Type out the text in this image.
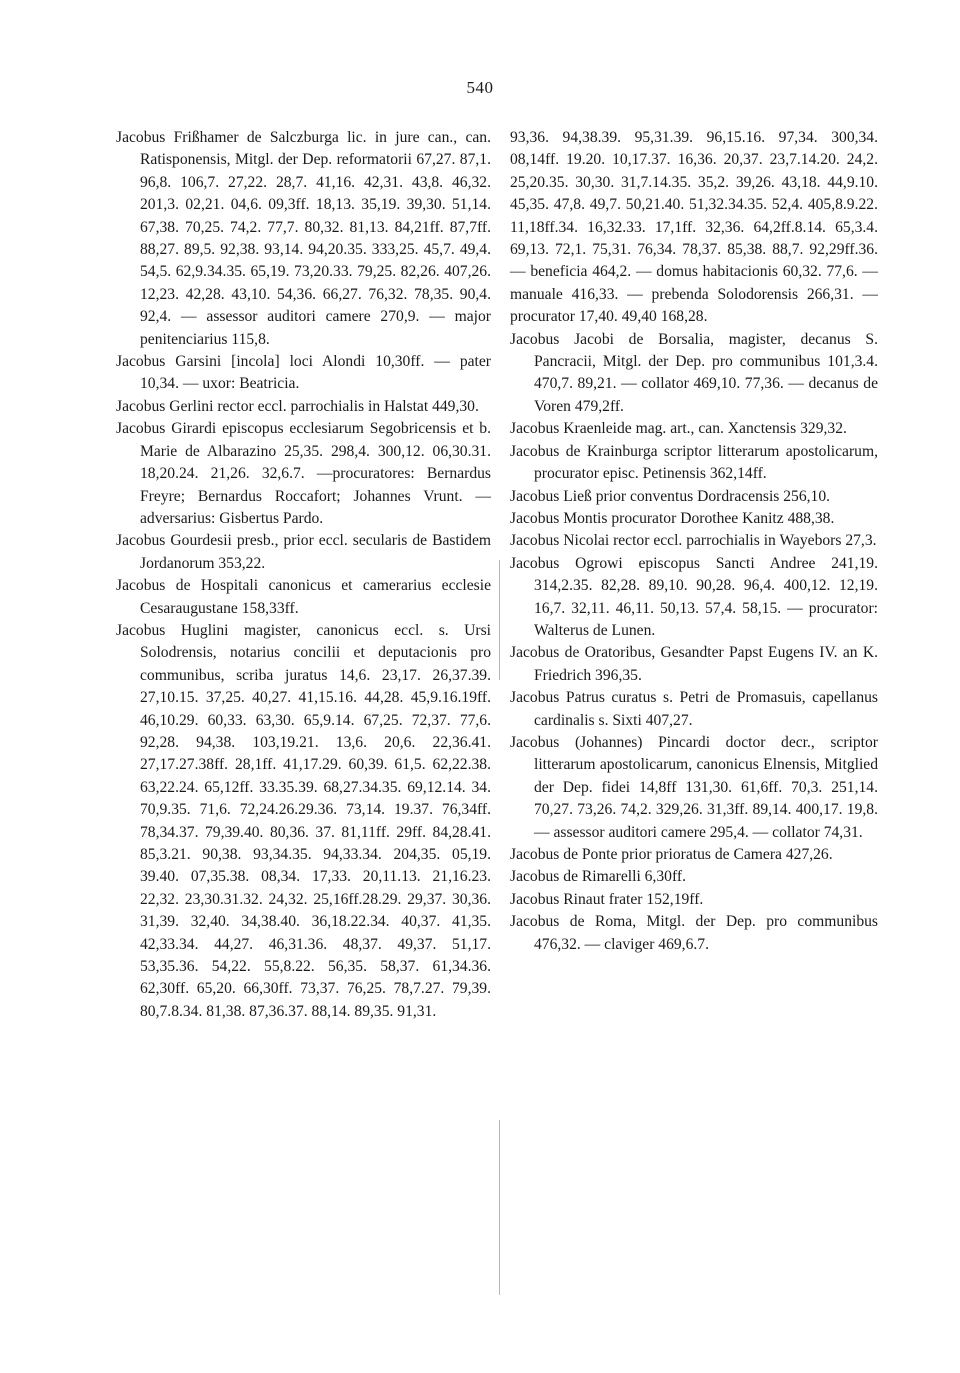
540

Jacobus Frißhamer de Salczburga lic. in jure can., can. Ratisponensis, Mitgl. der Dep. reformatorii 67,27. 87,1. 96,8. 106,7. 27,22. 28,7. 41,16. 42,31. 43,8. 46,32. 201,3. 02,21. 04,6. 09,3ff. 18,13. 35,19. 39,30. 51,14. 67,38. 70,25. 74,2. 77,7. 80,32. 81,13. 84,21ff. 87,7ff. 88,27. 89,5. 92,38. 93,14. 94,20.35. 333,25. 45,7. 49,4. 54,5. 62,9.34.35. 65,19. 73,20.33. 79,25. 82,26. 407,26. 12,23. 42,28. 43,10. 54,36. 66,27. 76,32. 78,35. 90,4. 92,4. — assessor auditori camere 270,9. — major penitenciarius 115,8.

Jacobus Garsini [incola] loci Alondi 10,30ff. — pater 10,34. — uxor: Beatricia.

Jacobus Gerlini rector eccl. parrochialis in Halstat 449,30.

Jacobus Girardi episcopus ecclesiarum Segobricensis et b. Marie de Albarazino 25,35. 298,4. 300,12. 06,30.31. 18,20.24. 21,26. 32,6.7. —procuratores: Bernardus Freyre; Bernardus Roccafort; Johannes Vrunt. — adversarius: Gisbertus Pardo.

Jacobus Gourdesii presb., prior eccl. secularis de Bastidem Jordanorum 353,22.

Jacobus de Hospitali canonicus et camerarius ecclesie Cesaraugustane 158,33ff.

Jacobus Huglini magister, canonicus eccl. s. Ursi Solodrensis, notarius concilii et deputacionis pro communibus, scriba juratus 14,6. 23,17. 26,37.39. 27,10.15. 37,25. 40,27. 41,15.16. 44,28. 45,9.16.19ff. 46,10.29. 60,33. 63,30. 65,9.14. 67,25. 72,37. 77,6. 92,28. 94,38. 103,19.21. 13,6. 20,6. 22,36.41. 27,17.27.38ff. 28,1ff. 41,17.29. 60,39. 61,5. 62,22.38. 63,22.24. 65,12ff. 33.35.39. 68,27.34.35. 69,12.14. 34. 70,9.35. 71,6. 72,24.26.29.36. 73,14. 19.37. 76,34ff. 78,34.37. 79,39.40. 80,36. 37. 81,11ff. 29ff. 84,28.41. 85,3.21. 90,38. 93,34.35. 94,33.34. 204,35. 05,19. 39.40. 07,35.38. 08,34. 17,33. 20,11.13. 21,16.23. 22,32. 23,30.31.32. 24,32. 25,16ff.28.29. 29,37. 30,36. 31,39. 32,40. 34,38.40. 36,18.22.34. 40,37. 41,35. 42,33.34. 44,27. 46,31.36. 48,37. 49,37. 51,17. 53,35.36. 54,22. 55,8.22. 56,35. 58,37. 61,34.36. 62,30ff. 65,20. 66,30ff. 73,37. 76,25. 78,7.27. 79,39. 80,7.8.34. 81,38. 87,36.37. 88,14. 89,35. 91,31.

93,36. 94,38.39. 95,31.39. 96,15.16. 97,34. 300,34. 08,14ff. 19.20. 10,17.37. 16,36. 20,37. 23,7.14.20. 24,2. 25,20.35. 30,30. 31,7.14.35. 35,2. 39,26. 43,18. 44,9.10. 45,35. 47,8. 49,7. 50,21.40. 51,32.34.35. 52,4. 405,8.9.22. 11,18ff.34. 16,32.33. 17,1ff. 32,36. 64,2ff.8.14. 65,3.4. 69,13. 72,1. 75,31. 76,34. 78,37. 85,38. 88,7. 92,29ff.36. — beneficia 464,2. — domus habitacionis 60,32. 77,6. — manuale 416,33. — prebenda Solodorensis 266,31. — procurator 17,40. 49,40 168,28.

Jacobus Jacobi de Borsalia, magister, decanus S. Pancracii, Mitgl. der Dep. pro communibus 101,3.4. 470,7. 89,21. — collator 469,10. 77,36. — decanus de Voren 479,2ff.

Jacobus Kraenleide mag. art., can. Xanctensis 329,32.

Jacobus de Krainburga scriptor litterarum apostolicarum, procurator episc. Petinensis 362,14ff.

Jacobus Ließ prior conventus Dordracensis 256,10.

Jacobus Montis procurator Dorothee Kanitz 488,38.

Jacobus Nicolai rector eccl. parrochialis in Wayebors 27,3.

Jacobus Ogrowi episcopus Sancti Andree 241,19. 314,2.35. 82,28. 89,10. 90,28. 96,4. 400,12. 12,19. 16,7. 32,11. 46,11. 50,13. 57,4. 58,15. — procurator: Walterus de Lunen.

Jacobus de Oratoribus, Gesandter Papst Eugens IV. an K. Friedrich 396,35.

Jacobus Patrus curatus s. Petri de Promasuis, capellanus cardinalis s. Sixti 407,27.

Jacobus (Johannes) Pincardi doctor decr., scriptor litterarum apostolicarum, canonicus Elnensis, Mitglied der Dep. fidei 14,8ff 131,30. 61,6ff. 70,3. 251,14. 70,27. 73,26. 74,2. 329,26. 31,3ff. 89,14. 400,17. 19,8. — assessor auditori camere 295,4. — collator 74,31.

Jacobus de Ponte prior prioratus de Camera 427,26.

Jacobus de Rimarelli 6,30ff.

Jacobus Rinaut frater 152,19ff.

Jacobus de Roma, Mitgl. der Dep. pro communibus 476,32. — claviger 469,6.7.
